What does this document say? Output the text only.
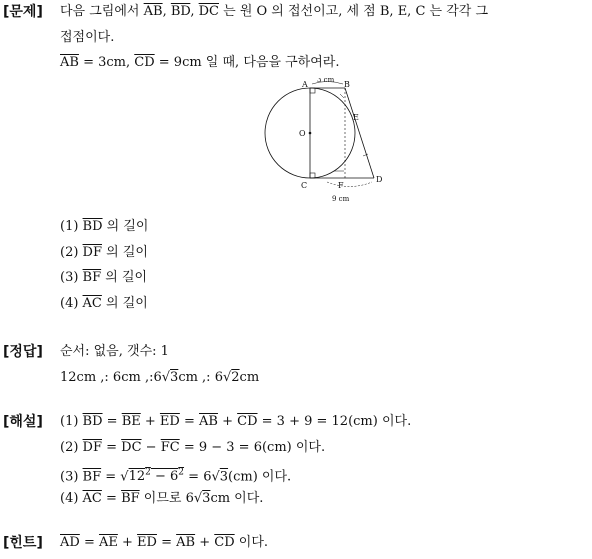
[문제] 다음 그림에서 $\overline{AB}$, $\overline{BD}$, $\overline{DC}$ 는 원 O 의 접선이고, 세 점 B, E, C 는 각각 그
접점이다.
$\overline{AB} = 3cm$, $\overline{CD} = 9cm$ 일 때, 다음을 구하여라.
A	B
E
O
C	F
D
3 cm
9 cm
(1) $\overline{BD}$ 의 길이
(2) $\overline{DF}$ 의 길이
(3) $\overline{BF}$ 의 길이
(4) $\overline{AC}$ 의 길이
[정답] 순서: 없음, 갯수: 1
12cm ,: 6cm ,:6√3cm ,: 6√2cm
[해설] (1) $\overline{BD} = \overline{BE} + \overline{ED} = \overline{AB} + \overline{CD} = 3 + 9 = 12(cm)$ 이다.
(2) $\overline{DF} = \overline{DC} - \overline{FC} = 9 - 3 = 6(cm)$ 이다.
(3) $\overline{BF} = √12^2 - 6^2 = 6√3(cm)$ 이다.
(4) $\overline{AC} = \overline{BF}$ 이므로 6√3cm 이다.
[힌트] $\overline{AD} = \overline{AE} + \overline{ED} = \overline{AB} + \overline{CD}$ 이다.
